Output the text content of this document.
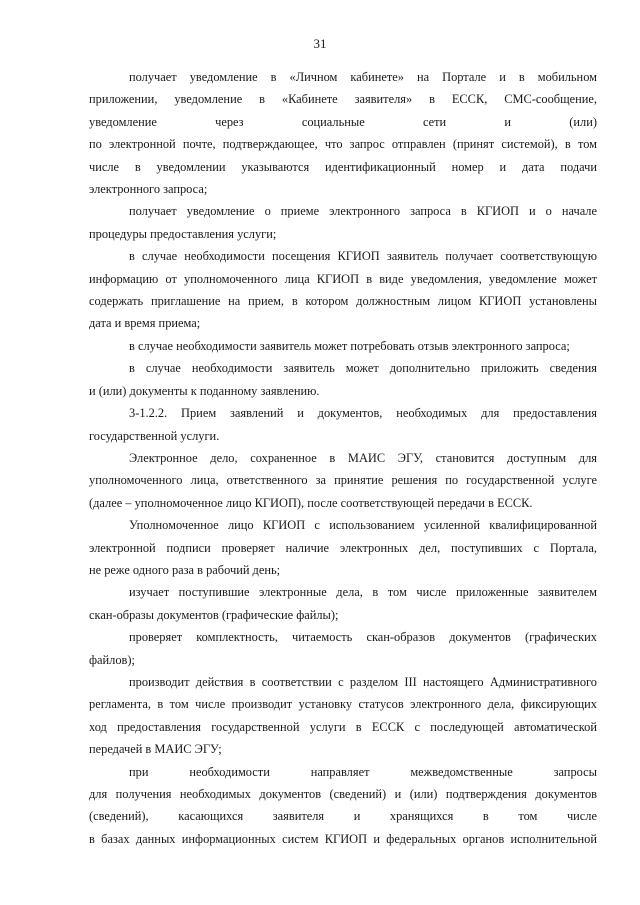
31
получает уведомление в «Личном кабинете» на Портале и в мобильном
приложении, уведомление в «Кабинете заявителя» в ЕССК, СМС-сообщение,
уведомление	через	социальные	сети	и	(или)
по электронной почте, подтверждающее, что запрос отправлен (принят системой), в том
числе в уведомлении указываются идентификационный номер и дата подачи
электронного запроса;
получает уведомление о приеме электронного запроса в КГИОП и о начале
процедуры предоставления услуги;
в случае необходимости посещения КГИОП заявитель получает соответствующую
информацию от уполномоченного лица КГИОП в виде уведомления, уведомление может
содержать приглашение на прием, в котором должностным лицом КГИОП установлены
дата и время приема;
в случае необходимости заявитель может потребовать отзыв электронного запроса;
в случае необходимости заявитель может дополнительно приложить сведения
и (или) документы к поданному заявлению.
3-1.2.2. Прием заявлений и документов, необходимых для предоставления
государственной услуги.
Электронное дело, сохраненное в МАИС ЭГУ, становится доступным для
уполномоченного лица, ответственного за принятие решения по государственной услуге
(далее – уполномоченное лицо КГИОП), после соответствующей передачи в ЕССК.
Уполномоченное лицо КГИОП с использованием усиленной квалифицированной
электронной подписи проверяет наличие электронных дел, поступивших с Портала,
не реже одного раза в рабочий день;
изучает поступившие электронные дела, в том числе приложенные заявителем
скан-образы документов (графические файлы);
проверяет комплектность, читаемость скан-образов документов (графических
файлов);
производит действия в соответствии с разделом III настоящего Административного
регламента, в том числе производит установку статусов электронного дела, фиксирующих
ход предоставления государственной услуги в ЕССК с последующей автоматической
передачей в МАИС ЭГУ;
при	необходимости	направляет	межведомственные	запросы
для получения необходимых документов (сведений) и (или) подтверждения документов
(сведений), касающихся заявителя и хранящихся в том числе
в базах данных информационных систем КГИОП и федеральных органов исполнительной
